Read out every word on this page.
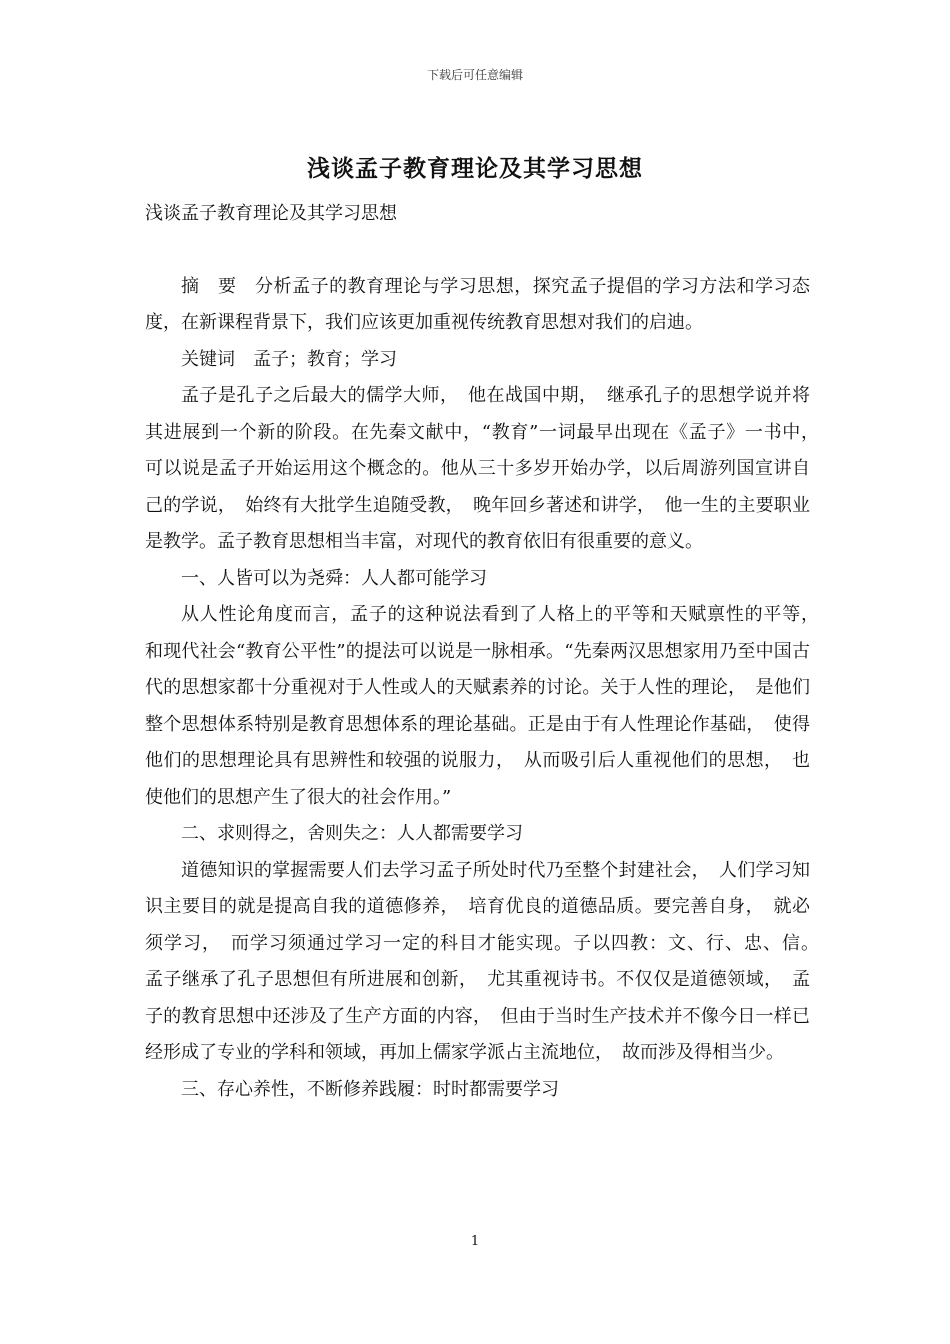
下载后可任意编辑
浅谈孟子教育理论及其学习思想

浅谈孟子教育理论及其学习思想

摘　要　分析孟子的教育理论与学习思想，探究孟子提倡的学习方法和学习态度，在新课程背景下，我们应该更加重视传统教育思想对我们的启迪。

关键词　孟子；教育；学习

孟子是孔子之后最大的儒学大师，　他在战国中期，　继承孔子的思想学说并将其进展到一个新的阶段。在先秦文献中，“教育”一词最早出现在《孟子》一书中，　可以说是孟子开始运用这个概念的。他从三十多岁开始办学，以后周游列国宣讲自己的学说，　始终有大批学生追随受教，　晚年回乡著述和讲学，　他一生的主要职业是教学。孟子教育思想相当丰富，对现代的教育依旧有很重要的意义。

一、人皆可以为尧舜：人人都可能学习

从人性论角度而言，孟子的这种说法看到了人格上的平等和天赋禀性的平等，　和现代社会“教育公平性”的提法可以说是一脉相承。“先秦两汉思想家用乃至中国古代的思想家都十分重视对于人性或人的天赋素养的讨论。关于人性的理论，　是他们整个思想体系特别是教育思想体系的理论基础。正是由于有人性理论作基础，　使得他们的思想理论具有思辨性和较强的说服力，　从而吸引后人重视他们的思想，　也使他们的思想产生了很大的社会作用。”

二、求则得之，舍则失之：人人都需要学习

道德知识的掌握需要人们去学习孟子所处时代乃至整个封建社会，　人们学习知识主要目的就是提高自我的道德修养，　培育优良的道德品质。要完善自身，　就必须学习，　而学习须通过学习一定的科目才能实现。子以四教：文、行、忠、信。　孟子继承了孔子思想但有所进展和创新，　尤其重视诗书。不仅仅是道德领域，　孟子的教育思想中还涉及了生产方面的内容，　但由于当时生产技术并不像今日一样已经形成了专业的学科和领域，再加上儒家学派占主流地位，　故而涉及得相当少。

三、存心养性，不断修养践履：时时都需要学习

1
